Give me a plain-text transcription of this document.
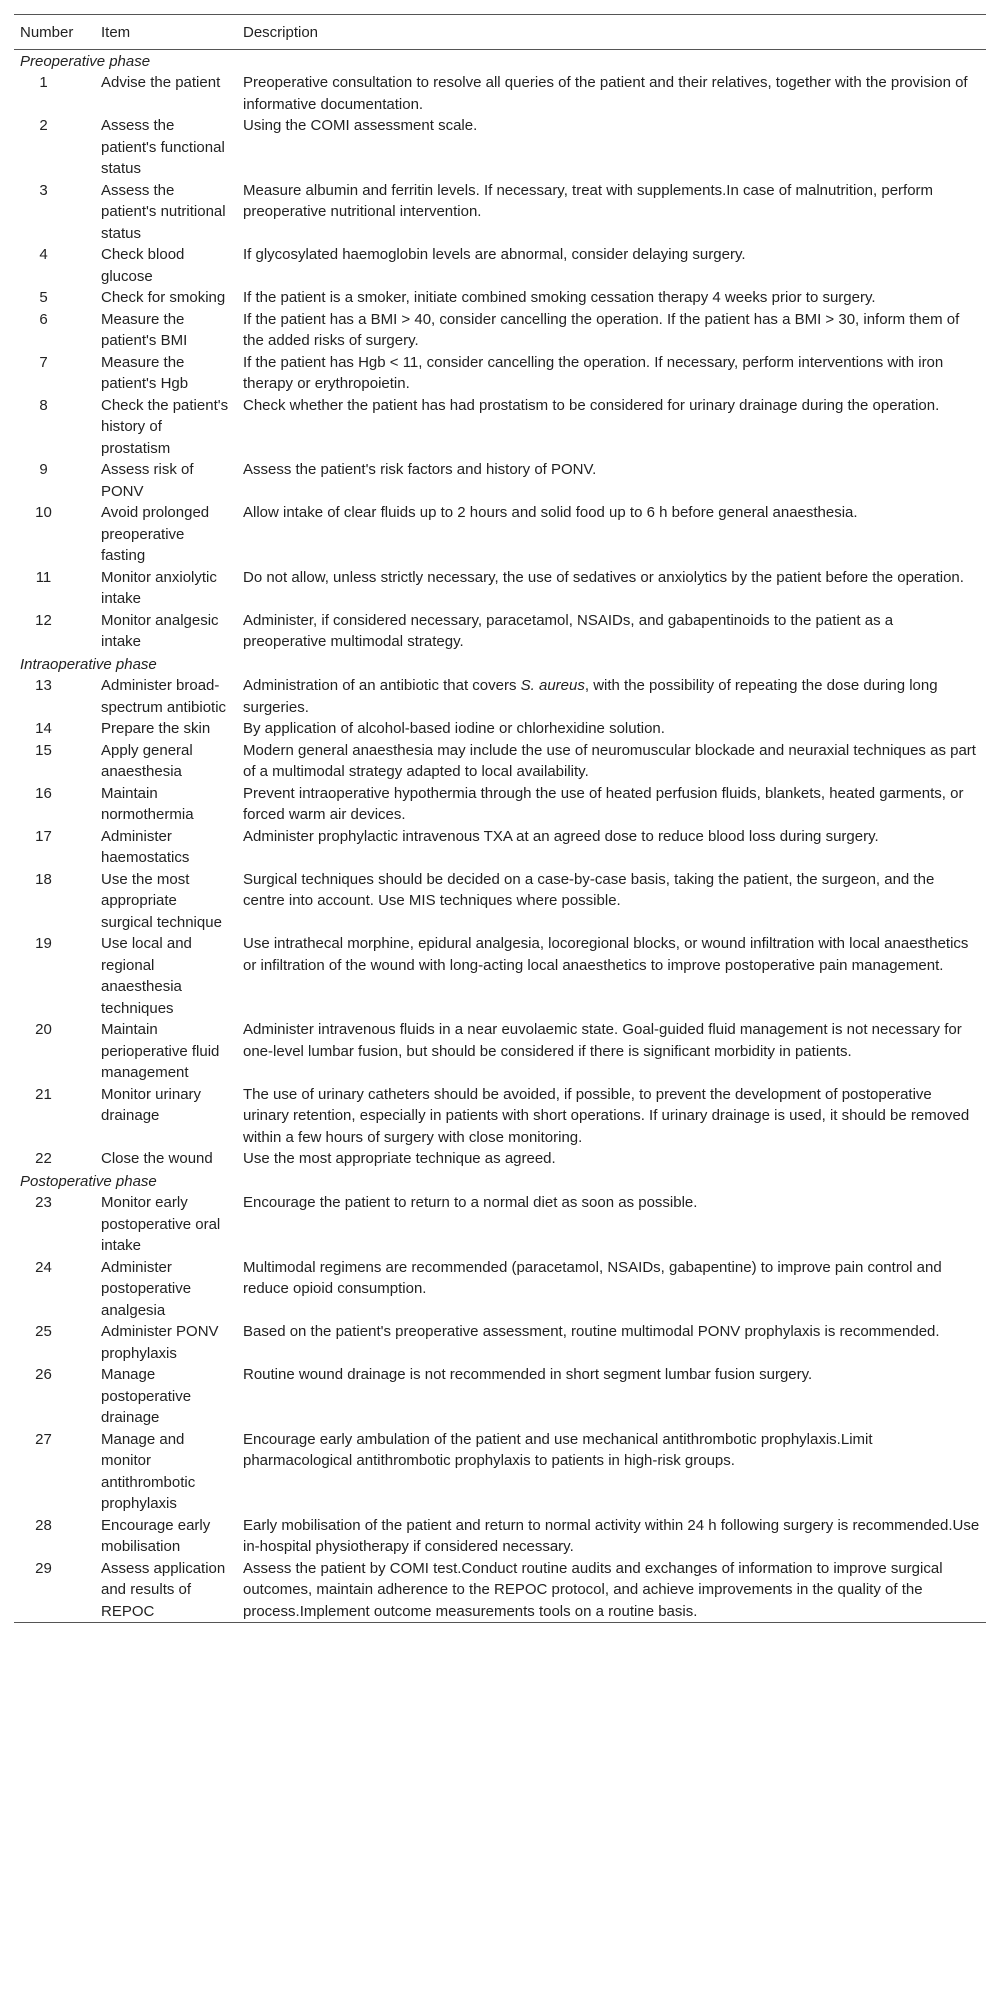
Number	Item	Description
Preoperative phase		
1	Advise the patient	Preoperative consultation to resolve all queries of the patient and their relatives, together with the provision of informative documentation.
2	Assess the patient's functional status	Using the COMI assessment scale.
3	Assess the patient's nutritional status	Measure albumin and ferritin levels. If necessary, treat with supplements.In case of malnutrition, perform preoperative nutritional intervention.
4	Check blood glucose	If glycosylated haemoglobin levels are abnormal, consider delaying surgery.
5	Check for smoking	If the patient is a smoker, initiate combined smoking cessation therapy 4 weeks prior to surgery.
6	Measure the patient's BMI	If the patient has a BMI > 40, consider cancelling the operation. If the patient has a BMI > 30, inform them of the added risks of surgery.
7	Measure the patient's Hgb	If the patient has Hgb < 11, consider cancelling the operation. If necessary, perform interventions with iron therapy or erythropoietin.
8	Check the patient's history of prostatism	Check whether the patient has had prostatism to be considered for urinary drainage during the operation.
9	Assess risk of PONV	Assess the patient's risk factors and history of PONV.
10	Avoid prolonged preoperative fasting	Allow intake of clear fluids up to 2 hours and solid food up to 6 h before general anaesthesia.
11	Monitor anxiolytic intake	Do not allow, unless strictly necessary, the use of sedatives or anxiolytics by the patient before the operation.
12	Monitor analgesic intake	Administer, if considered necessary, paracetamol, NSAIDs, and gabapentinoids to the patient as a preoperative multimodal strategy.
Intraoperative phase		
13	Administer broad-spectrum antibiotic	Administration of an antibiotic that covers S. aureus, with the possibility of repeating the dose during long surgeries.
14	Prepare the skin	By application of alcohol-based iodine or chlorhexidine solution.
15	Apply general anaesthesia	Modern general anaesthesia may include the use of neuromuscular blockade and neuraxial techniques as part of a multimodal strategy adapted to local availability.
16	Maintain normothermia	Prevent intraoperative hypothermia through the use of heated perfusion fluids, blankets, heated garments, or forced warm air devices.
17	Administer haemostatics	Administer prophylactic intravenous TXA at an agreed dose to reduce blood loss during surgery.
18	Use the most appropriate surgical technique	Surgical techniques should be decided on a case-by-case basis, taking the patient, the surgeon, and the centre into account. Use MIS techniques where possible.
19	Use local and regional anaesthesia techniques	Use intrathecal morphine, epidural analgesia, locoregional blocks, or wound infiltration with local anaesthetics or infiltration of the wound with long-acting local anaesthetics to improve postoperative pain management.
20	Maintain perioperative fluid management	Administer intravenous fluids in a near euvolaemic state. Goal-guided fluid management is not necessary for one-level lumbar fusion, but should be considered if there is significant morbidity in patients.
21	Monitor urinary drainage	The use of urinary catheters should be avoided, if possible, to prevent the development of postoperative urinary retention, especially in patients with short operations. If urinary drainage is used, it should be removed within a few hours of surgery with close monitoring.
22	Close the wound	Use the most appropriate technique as agreed.
Postoperative phase		
23	Monitor early postoperative oral intake	Encourage the patient to return to a normal diet as soon as possible.
24	Administer postoperative analgesia	Multimodal regimens are recommended (paracetamol, NSAIDs, gabapentine) to improve pain control and reduce opioid consumption.
25	Administer PONV prophylaxis	Based on the patient's preoperative assessment, routine multimodal PONV prophylaxis is recommended.
26	Manage postoperative drainage	Routine wound drainage is not recommended in short segment lumbar fusion surgery.
27	Manage and monitor antithrombotic prophylaxis	Encourage early ambulation of the patient and use mechanical antithrombotic prophylaxis.Limit pharmacological antithrombotic prophylaxis to patients in high-risk groups.
28	Encourage early mobilisation	Early mobilisation of the patient and return to normal activity within 24 h following surgery is recommended.Use in-hospital physiotherapy if considered necessary.
29	Assess application and results of REPOC	Assess the patient by COMI test.Conduct routine audits and exchanges of information to improve surgical outcomes, maintain adherence to the REPOC protocol, and achieve improvements in the quality of the process.Implement outcome measurements tools on a routine basis.
